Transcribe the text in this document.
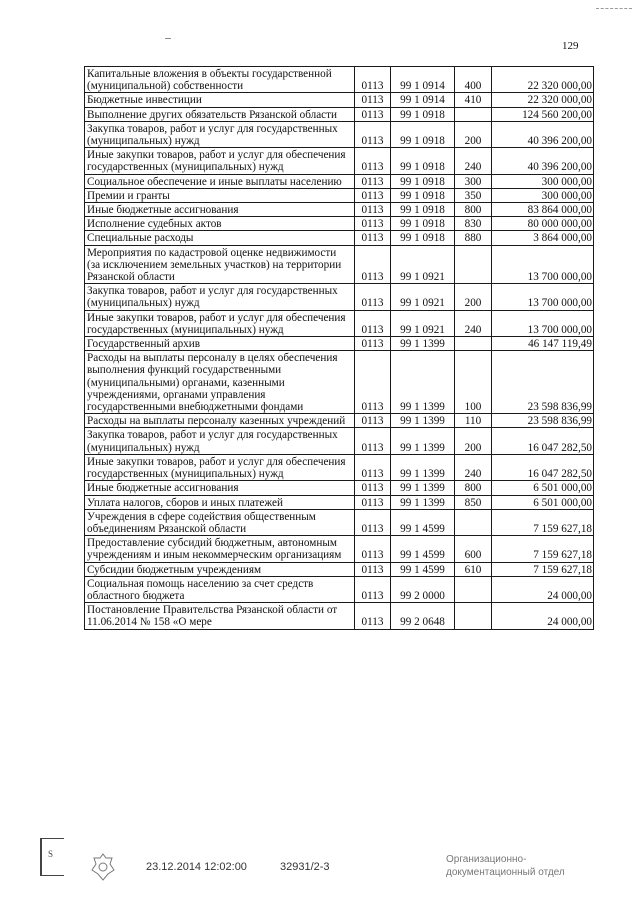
129
Капитальные вложения в объекты государственной (муниципальной) собственности	0113	99 1 0914	400	22 320 000,00
Бюджетные инвестиции	0113	99 1 0914	410	22 320 000,00
Выполнение других обязательств Рязанской области	0113	99 1 0918		124 560 200,00
Закупка товаров, работ и услуг для государственных (муниципальных) нужд	0113	99 1 0918	200	40 396 200,00
Иные закупки товаров, работ и услуг для обеспечения государственных (муниципальных) нужд	0113	99 1 0918	240	40 396 200,00
Социальное обеспечение и иные выплаты населению	0113	99 1 0918	300	300 000,00
Премии и гранты	0113	99 1 0918	350	300 000,00
Иные бюджетные ассигнования	0113	99 1 0918	800	83 864 000,00
Исполнение судебных актов	0113	99 1 0918	830	80 000 000,00
Специальные расходы	0113	99 1 0918	880	3 864 000,00
Мероприятия по кадастровой оценке недвижимости (за исключением земельных участков) на территории Рязанской области	0113	99 1 0921		13 700 000,00
Закупка товаров, работ и услуг для государственных (муниципальных) нужд	0113	99 1 0921	200	13 700 000,00
Иные закупки товаров, работ и услуг для обеспечения государственных (муниципальных) нужд	0113	99 1 0921	240	13 700 000,00
Государственный архив	0113	99 1 1399		46 147 119,49
Расходы на выплаты персоналу в целях обеспечения выполнения функций государственными (муниципальными) органами, казенными учреждениями, органами управления государственными внебюджетными фондами	0113	99 1 1399	100	23 598 836,99
Расходы на выплаты персоналу казенных учреждений	0113	99 1 1399	110	23 598 836,99
Закупка товаров, работ и услуг для государственных (муниципальных) нужд	0113	99 1 1399	200	16 047 282,50
Иные закупки товаров, работ и услуг для обеспечения государственных (муниципальных) нужд	0113	99 1 1399	240	16 047 282,50
Иные бюджетные ассигнования	0113	99 1 1399	800	6 501 000,00
Уплата налогов, сборов и иных платежей	0113	99 1 1399	850	6 501 000,00
Учреждения в сфере содействия общественным объединениям Рязанской области	0113	99 1 4599		7 159 627,18
Предоставление субсидий бюджетным, автономным учреждениям и иным некоммерческим организациям	0113	99 1 4599	600	7 159 627,18
Субсидии бюджетным учреждениям	0113	99 1 4599	610	7 159 627,18
Социальная помощь населению за счет средств областного бюджета	0113	99 2 0000		24 000,00
Постановление Правительства Рязанской области от 11.06.2014 № 158 «О мере	0113	99 2 0648		24 000,00
S
23.12.2014 12:02:00	32931/2-3
Организационно-
документационный отдел
